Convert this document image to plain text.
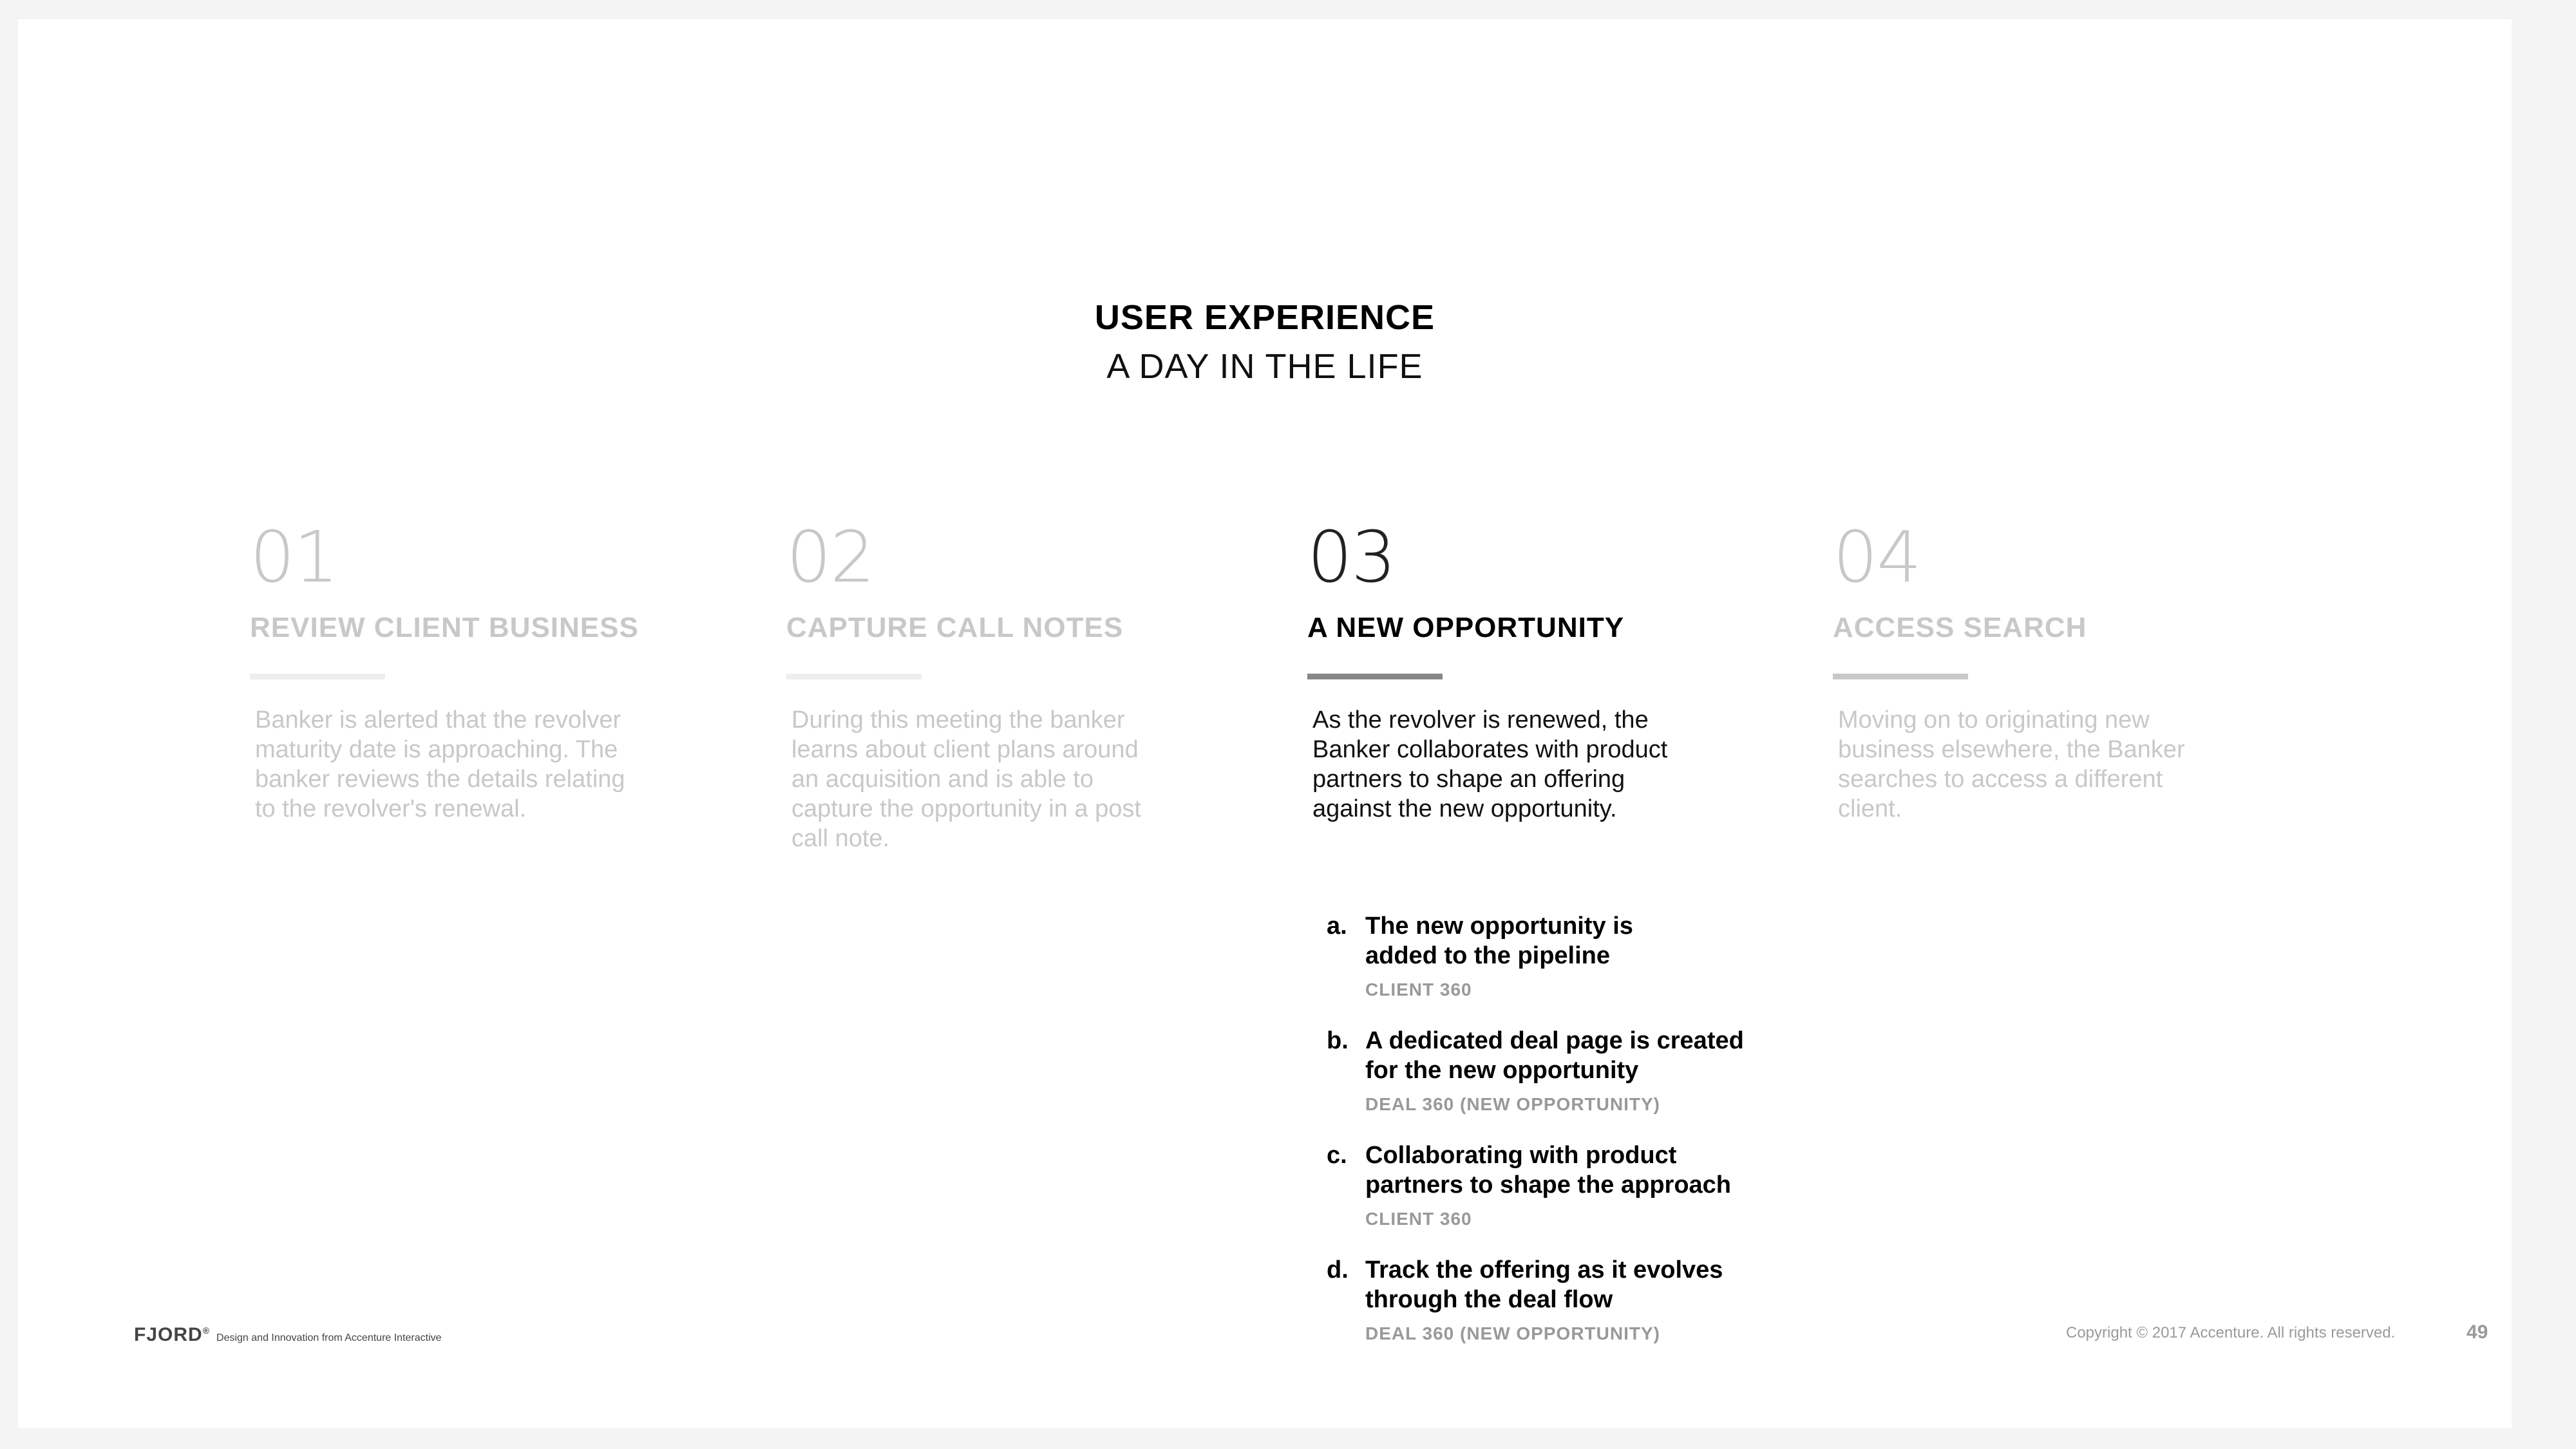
USER EXPERIENCE
A DAY IN THE LIFE
01
REVIEW CLIENT BUSINESS
Banker is alerted that the revolver
maturity date is approaching. The
banker reviews the details relating
to the revolver's renewal.
02
CAPTURE CALL NOTES
During this meeting the banker
learns about client plans around
an acquisition and is able to
capture the opportunity in a post
call note.
03
A NEW OPPORTUNITY
As the revolver is renewed, the
Banker collaborates with product
partners to shape an offering
against the new opportunity.
04
ACCESS SEARCH
Moving on to originating new
business elsewhere, the Banker
searches to access a different
client.
a. The new opportunity is
added to the pipeline
CLIENT 360
b. A dedicated deal page is created
for the new opportunity
DEAL 360 (NEW OPPORTUNITY)
c. Collaborating with product
partners to shape the approach
CLIENT 360
d. Track the offering as it evolves
through the deal flow
DEAL 360 (NEW OPPORTUNITY)
FJORD®
Design and Innovation from Accenture Interactive	Copyright © 2017 Accenture. All rights reserved.	49
